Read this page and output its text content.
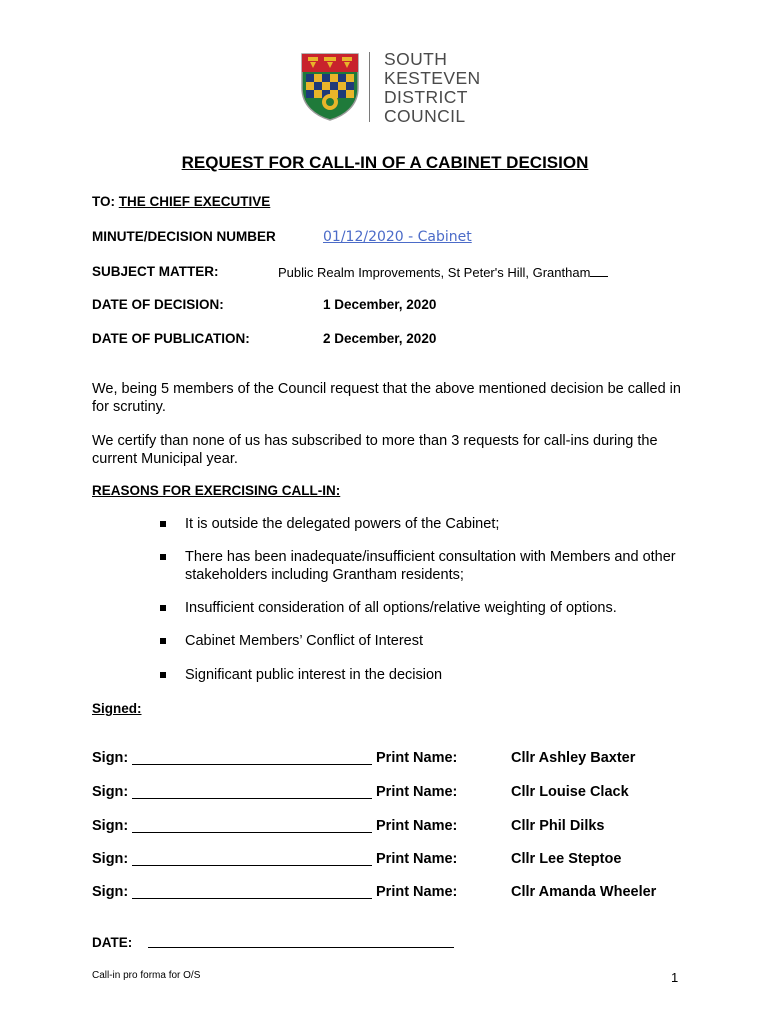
SOUTH
KESTEVEN
DISTRICT
COUNCIL
REQUEST FOR CALL-IN OF A CABINET DECISION
TO: THE CHIEF EXECUTIVE
MINUTE/DECISION NUMBER	01/12/2020 - Cabinet
SUBJECT MATTER:	Public Realm Improvements, St Peter's Hill, Grantham
DATE OF DECISION:	1 December, 2020
DATE OF PUBLICATION:	2 December, 2020
We, being 5 members of the Council request that the above mentioned decision be called in for scrutiny.
We certify than none of us has subscribed to more than 3 requests for call-ins during the current Municipal year.
REASONS FOR EXERCISING CALL-IN:
It is outside the delegated powers of the Cabinet;
There has been inadequate/insufficient consultation with Members and other stakeholders including Grantham residents;
Insufficient consideration of all options/relative weighting of options.
Cabinet Members’ Conflict of Interest
Significant public interest in the decision
Signed:
Sign:	Print Name:	Cllr Ashley Baxter
Sign:	Print Name:	Cllr Louise Clack
Sign:	Print Name:	Cllr Phil Dilks
Sign:	Print Name:	Cllr Lee Steptoe
Sign:	Print Name:	Cllr Amanda Wheeler
DATE:
Call-in pro forma for O/S	1
